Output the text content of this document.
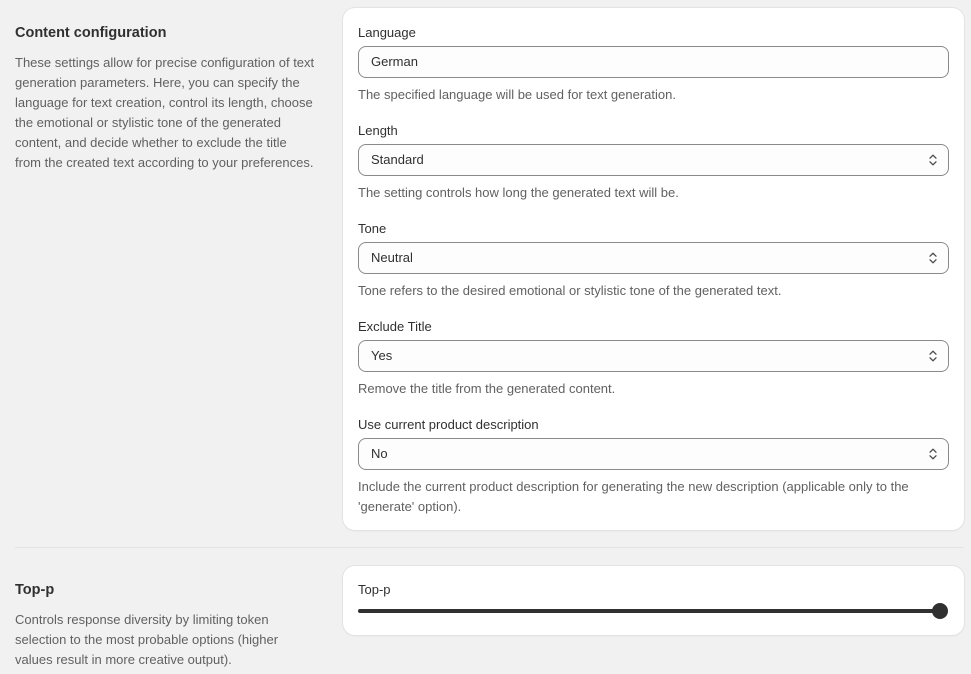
Content configuration

These settings allow for precise configuration of text generation parameters. Here, you can specify the language for text creation, control its length, choose the emotional or stylistic tone of the generated content, and decide whether to exclude the title from the created text according to your preferences.

Language

German

The specified language will be used for text generation.

Length

Standard

The setting controls how long the generated text will be.

Tone

Neutral

Tone refers to the desired emotional or stylistic tone of the generated text.

Exclude Title

Yes

Remove the title from the generated content.

Use current product description

No

Include the current product description for generating the new description (applicable only to the 'generate' option).

Top-p

Controls response diversity by limiting token selection to the most probable options (higher values result in more creative output).

Top-p
